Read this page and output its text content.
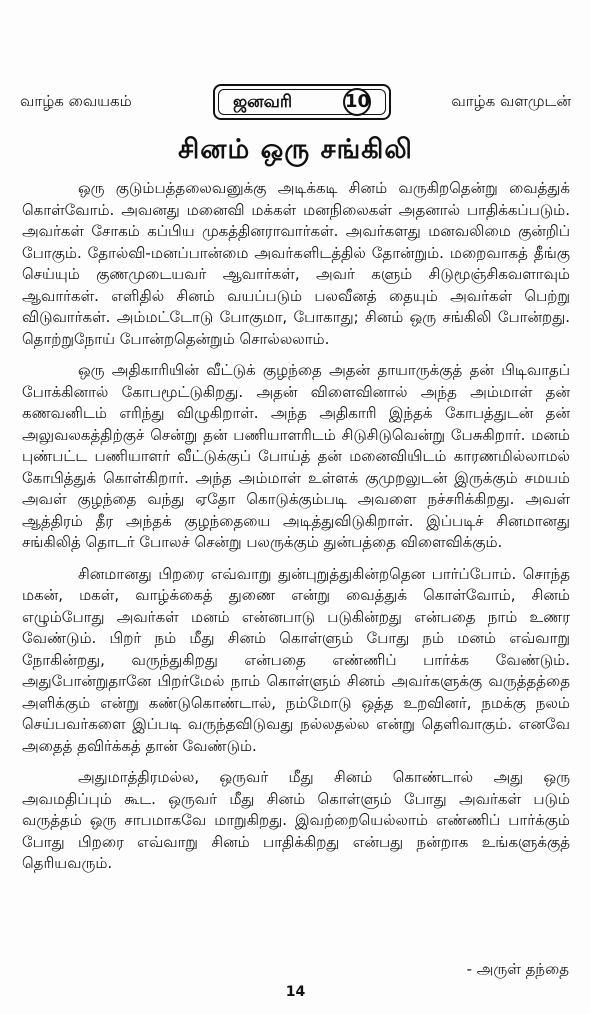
வாழ்க வையகம்	ஜனவரி	10	வாழ்க வளமுடன்
சினம் ஒரு சங்கிலி

ஒரு குடும்பத்தலைவனுக்கு அடிக்கடி சினம் வருகிறதென்று வைத்துக் கொள்வோம். அவனது மனைவி மக்கள் மனநிலைகள் அதனால் பாதிக்கப்படும். அவர்கள் சோகம் கப்பிய முகத்தினராவார்கள். அவர்களது மனவலிமை குன்றிப் போகும். தோல்வி-மனப்பான்மை அவர்களிடத்தில் தோன்றும். மறைவாகத் தீங்கு செய்யும் குணமுடையவர் ஆவார்கள், அவர் களும் சிடுமூஞ்சிகவளாவும் ஆவார்கள். எளிதில் சினம் வயப்படும் பலவீனத் தையும் அவர்கள் பெற்று விடுவார்கள். அம்மட்டோடு போகுமா, போகாது; சினம் ஒரு சங்கிலி போன்றது. தொற்றுநோய் போன்றதென்றும் சொல்லலாம்.

ஒரு அதிகாரியின் வீட்டுக் குழந்தை அதன் தாயாருக்குத் தன் பிடிவாதப் போக்கினால் கோபமூட்டுகிறது. அதன் விளைவினால் அந்த அம்மாள் தன் கணவனிடம் எரிந்து விழுகிறாள். அந்த அதிகாரி இந்தக் கோபத்துடன் தன் அலுவலகத்திற்குச் சென்று தன் பணியாளரிடம் சிடுசிடுவென்று பேசுகிறார். மனம் புண்பட்ட பணியாளர் வீட்டுக்குப் போய்த் தன் மனைவியிடம் காரணமில்லாமல் கோபித்துக் கொள்கிறார். அந்த அம்மாள் உள்ளக் குமுறலுடன் இருக்கும் சமயம் அவள் குழந்தை வந்து ஏதோ கொடுக்கும்படி அவளை நச்சரிக்கிறது. அவள் ஆத்திரம் தீர அந்தக் குழந்தையை அடித்துவிடுகிறாள். இப்படிச் சினமானது சங்கிலித் தொடர் போலச் சென்று பலருக்கும் துன்பத்தை விளைவிக்கும்.

சினமானது பிறரை எவ்வாறு துன்புறுத்துகின்றதென பார்ப்போம். சொந்த மகன், மகள், வாழ்க்கைத் துணை என்று வைத்துக் கொள்வோம், சினம் எழும்போது அவர்கள் மனம் என்னபாடு படுகின்றது என்பதை நாம் உணர வேண்டும். பிறர் நம் மீது சினம் கொள்ளும் போது நம் மனம் எவ்வாறு நோகின்றது, வருந்துகிறது என்பதை எண்ணிப் பார்க்க வேண்டும். அதுபோன்றுதானே பிறர்மேல் நாம் கொள்ளும் சினம் அவர்களுக்கு வருத்தத்தை அளிக்கும் என்று கண்டுகொண்டால், நம்மோடு ஒத்த உறவினர், நமக்கு நலம் செய்பவர்களை இப்படி வருந்தவிடுவது நல்லதல்ல என்று தெளிவாகும். எனவே அதைத் தவிர்க்கத் தான் வேண்டும்.

அதுமாத்திரமல்ல, ஒருவர் மீது சினம் கொண்டால் அது ஒரு அவமதிப்பும் கூட. ஒருவர் மீது சினம் கொள்ளும் போது அவர்கள் படும் வருத்தம் ஒரு சாபமாகவே மாறுகிறது. இவற்றையெல்லாம் எண்ணிப் பார்க்கும் போது பிறரை எவ்வாறு சினம் பாதிக்கிறது என்பது நன்றாக உங்களுக்குத் தெரியவரும்.

- அருள் தந்தை
14
